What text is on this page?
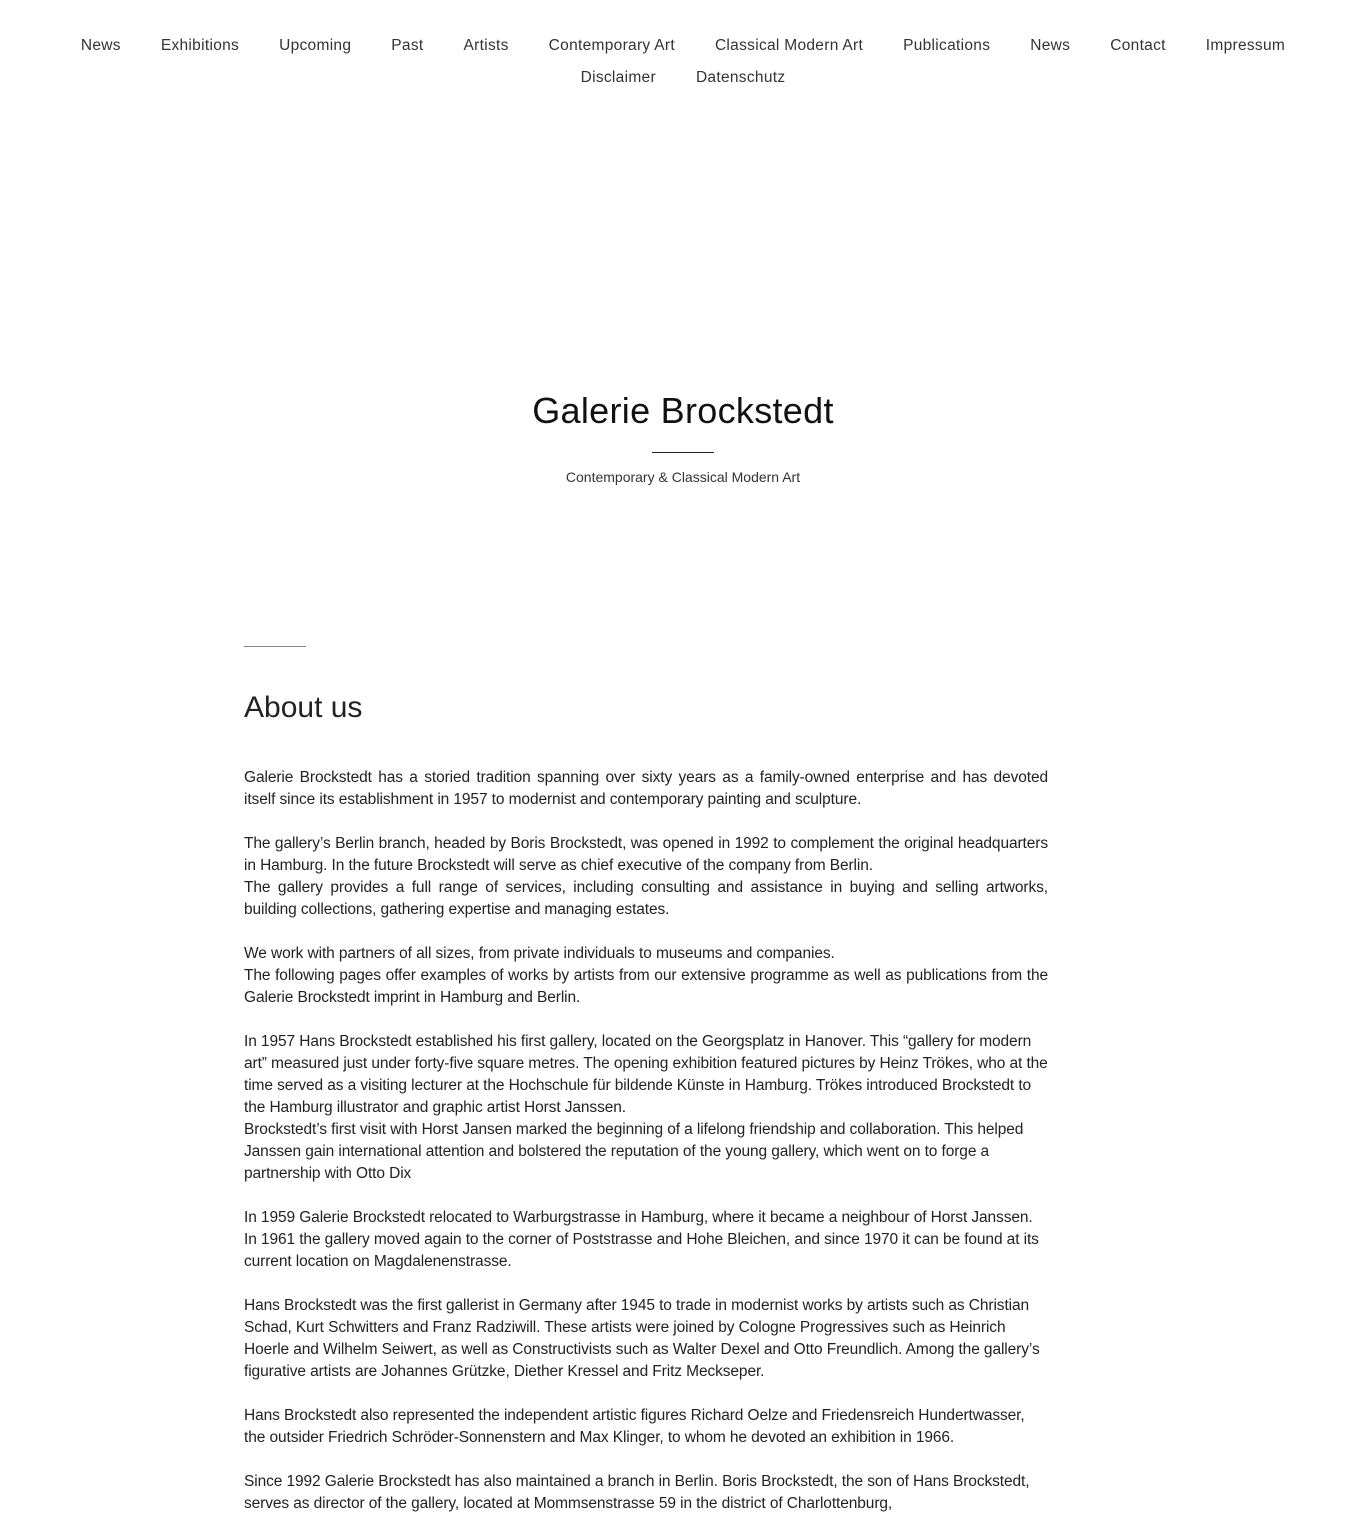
News	Exhibitions	Upcoming	Past	Artists	Contemporary Art	Classical Modern Art	Publications	News	Contact	Impressum
Disclaimer	Datenschutz
Galerie Brockstedt
Contemporary & Classical Modern Art
About us

Galerie Brockstedt has a storied tradition spanning over sixty years as a family-owned enterprise and has devoted itself since its establishment in 1957 to modernist and contemporary painting and sculpture.

The gallery’s Berlin branch, headed by Boris Brockstedt, was opened in 1992 to complement the original headquarters in Hamburg. In the future Brockstedt will serve as chief executive of the company from Berlin.
The gallery provides a full range of services, including consulting and assistance in buying and selling artworks, building collections, gathering expertise and managing estates.

We work with partners of all sizes, from private individuals to museums and companies.
The following pages offer examples of works by artists from our extensive programme as well as publications from the Galerie Brockstedt imprint in Hamburg and Berlin.

In 1957 Hans Brockstedt established his first gallery, located on the Georgsplatz in Hanover. This “gallery for modern art” measured just under forty-five square metres. The opening exhibition featured pictures by Heinz Trökes, who at the time served as a visiting lecturer at the Hochschule für bildende Künste in Hamburg. Trökes introduced Brockstedt to the Hamburg illustrator and graphic artist Horst Janssen.
Brockstedt’s first visit with Horst Jansen marked the beginning of a lifelong friendship and collaboration. This helped Janssen gain international attention and bolstered the reputation of the young gallery, which went on to forge a partnership with Otto Dix

In 1959 Galerie Brockstedt relocated to Warburgstrasse in Hamburg, where it became a neighbour of Horst Janssen. In 1961 the gallery moved again to the corner of Poststrasse and Hohe Bleichen, and since 1970 it can be found at its current location on Magdalenenstrasse.

Hans Brockstedt was the first gallerist in Germany after 1945 to trade in modernist works by artists such as Christian Schad, Kurt Schwitters and Franz Radziwill. These artists were joined by Cologne Progressives such as Heinrich Hoerle and Wilhelm Seiwert, as well as Constructivists such as Walter Dexel and Otto Freundlich. Among the gallery’s figurative artists are Johannes Grützke, Diether Kressel and Fritz Meckseper.

Hans Brockstedt also represented the independent artistic figures Richard Oelze and Friedensreich Hundertwasser, the outsider Friedrich Schröder-Sonnenstern and Max Klinger, to whom he devoted an exhibition in 1966.

Since 1992 Galerie Brockstedt has also maintained a branch in Berlin. Boris Brockstedt, the son of Hans Brockstedt, serves as director of the gallery, located at Mommsenstrasse 59 in the district of Charlottenburg,
